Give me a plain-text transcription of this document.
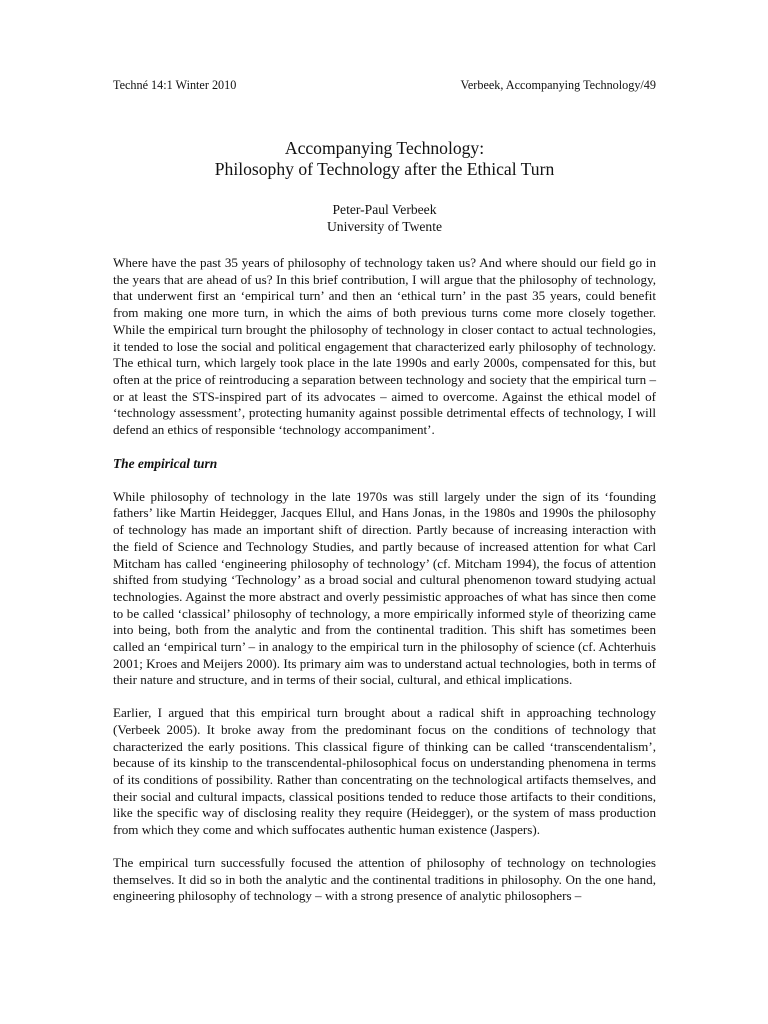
Techné 14:1 Winter 2010	Verbeek, Accompanying Technology/49
Accompanying Technology:
Philosophy of Technology after the Ethical Turn
Peter-Paul Verbeek
University of Twente

Where have the past 35 years of philosophy of technology taken us? And where should our field go in the years that are ahead of us? In this brief contribution, I will argue that the philosophy of technology, that underwent first an ‘empirical turn’ and then an ‘ethical turn’ in the past 35 years, could benefit from making one more turn, in which the aims of both previous turns come more closely together. While the empirical turn brought the philosophy of technology in closer contact to actual technologies, it tended to lose the social and political engagement that characterized early philosophy of technology. The ethical turn, which largely took place in the late 1990s and early 2000s, compensated for this, but often at the price of reintroducing a separation between technology and society that the empirical turn – or at least the STS-inspired part of its advocates – aimed to overcome. Against the ethical model of ‘technology assessment’, protecting humanity against possible detrimental effects of technology, I will defend an ethics of responsible ‘technology accompaniment’.

The empirical turn

While philosophy of technology in the late 1970s was still largely under the sign of its ‘founding fathers’ like Martin Heidegger, Jacques Ellul, and Hans Jonas, in the 1980s and 1990s the philosophy of technology has made an important shift of direction. Partly because of increasing interaction with the field of Science and Technology Studies, and partly because of increased attention for what Carl Mitcham has called ‘engineering philosophy of technology’ (cf. Mitcham 1994), the focus of attention shifted from studying ‘Technology’ as a broad social and cultural phenomenon toward studying actual technologies. Against the more abstract and overly pessimistic approaches of what has since then come to be called ‘classical’ philosophy of technology, a more empirically informed style of theorizing came into being, both from the analytic and from the continental tradition. This shift has sometimes been called an ‘empirical turn’ – in analogy to the empirical turn in the philosophy of science (cf. Achterhuis 2001; Kroes and Meijers 2000). Its primary aim was to understand actual technologies, both in terms of their nature and structure, and in terms of their social, cultural, and ethical implications.

Earlier, I argued that this empirical turn brought about a radical shift in approaching technology (Verbeek 2005). It broke away from the predominant focus on the conditions of technology that characterized the early positions. This classical figure of thinking can be called ‘transcendentalism’, because of its kinship to the transcendental-philosophical focus on understanding phenomena in terms of its conditions of possibility. Rather than concentrating on the technological artifacts themselves, and their social and cultural impacts, classical positions tended to reduce those artifacts to their conditions, like the specific way of disclosing reality they require (Heidegger), or the system of mass production from which they come and which suffocates authentic human existence (Jaspers).

The empirical turn successfully focused the attention of philosophy of technology on technologies themselves. It did so in both the analytic and the continental traditions in philosophy. On the one hand, engineering philosophy of technology – with a strong presence of analytic philosophers –
